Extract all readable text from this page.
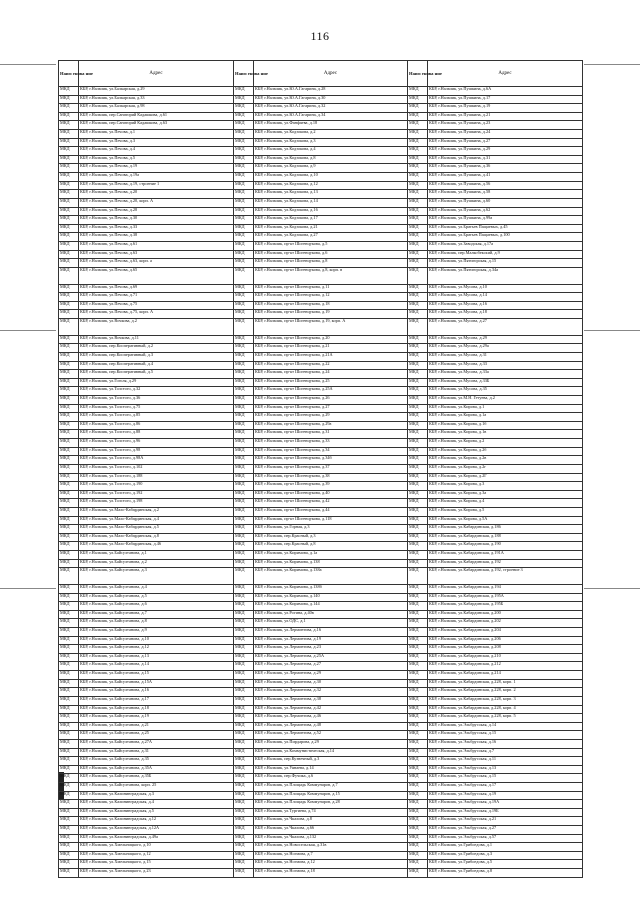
116
Наим енова ние	Адрес	Наим енова ние	Адрес	Наим енова ние	Адрес
МКД	КБР, г.Нальчик, ул.Балкарская, д.29	МКД	КБР, г.Нальчик, ул.Ю.А.Гагарина, д.28	МКД	КБР, г.Нальчик, ул.Пушкина, д.6А
МКД	КБР, г.Нальчик, ул.Балкарская, д.33	МКД	КБР, г.Нальчик, ул.Ю.А.Гагарина, д.30	МКД	КБР, г.Нальчик, ул.Пушкина, д.17
МКД	КБР, г.Нальчик, ул.Балкарская, д.98	МКД	КБР, г.Нальчик, ул.Ю.А.Гагарина, д.32	МКД	КБР, г.Нальчик, ул.Пушкина, д.19
МКД	КБР, г.Нальчик, пер.Санаторий Кадашкова, д.61	МКД	КБР, г.Нальчик, ул.Ю.А.Гагарина, д.34	МКД	КБР, г.Нальчик, ул.Пушкина, д.21
МКД	КБР, г.Нальчик, пер.Санаторий Кадашкова, д.63	МКД	КБР, г.Нальчик, ул.Фанфаева, д.18	МКД	КБР, г.Нальчик, ул.Пушкина, д.23
МКД	КБР, г.Нальчик, ул.Печова, д.1	МКД	КБР, г.Нальчик, ул.Кодзокова, д.2	МКД	КБР, г.Нальчик, ул.Пушкина, д.24
МКД	КБР, г.Нальчик, ул.Печова, д.3	МКД	КБР, г.Нальчик, ул.Кодзокова, д.3	МКД	КБР, г.Нальчик, ул.Пушкина, д.27
МКД	КБР, г.Нальчик, ул.Печова, д.4	МКД	КБР, г.Нальчик, ул.Кодзокова, д.4	МКД	КБР, г.Нальчик, ул.Пушкина, д.29
МКД	КБР, г.Нальчик, ул.Печова, д.5	МКД	КБР, г.Нальчик, ул.Кодзокова, д.8	МКД	КБР, г.Нальчик, ул.Пушкина, д.31
МКД	КБР, г.Нальчик, ул.Печова, д.19	МКД	КБР, г.Нальчик, ул.Кодзокова, д.9	МКД	КБР, г.Нальчик, ул.Пушкина, д.36
МКД	КБР, г.Нальчик, ул.Печова, д.19а	МКД	КБР, г.Нальчик, ул.Кодзокова, д.10	МКД	КБР, г.Нальчик, ул.Пушкина, д.41
МКД	КБР, г.Нальчик, ул.Печова, д.19, строение 1	МКД	КБР, г.Нальчик, ул.Кодзокова, д.12	МКД	КБР, г.Нальчик, ул.Пушкина, д.56
МКД	КБР, г.Нальчик, ул.Печова, д.20	МКД	КБР, г.Нальчик, ул.Кодзокова, д.13	МКД	КБР, г.Нальчик, ул.Пушкина, д.58
МКД	КБР, г.Нальчик, ул.Печова, д.20, корп. А	МКД	КБР, г.Нальчик, ул.Кодзокова, д.14	МКД	КБР, г.Нальчик, ул.Пушкина, д.60
МКД	КБР, г.Нальчик, ул.Печова, д.28	МКД	КБР, г.Нальчик, ул.Кодзокова, д.16	МКД	КБР, г.Нальчик, ул.Пушкина, д.62
МКД	КБР, г.Нальчик, ул.Печова, д.30	МКД	КБР, г.Нальчик, ул.Кодзокова, д.17	МКД	КБР, г.Нальчик, ул.Пушкина, д.99а
МКД	КБР, г.Нальчик, ул.Печова, д.33	МКД	КБР, г.Нальчик, ул.Кодзокова, д.21	МКД	КБР, г.Нальчик, ул.Братьев Пащаевых, д.45
МКД	КБР, г.Нальчик, ул.Печова, д.38	МКД	КБР, г.Нальчик, ул.Кодзокова, д.27	МКД	КБР, г.Нальчик, ул.Братьев Пащаевых, д.100
МКД	КБР, г.Нальчик, ул.Печова, д.61	МКД	КБР, г.Нальчик, пр-кт Шогенцукова, д.5	МКД	КБР, г.Нальчик, ул.Заводская, д.17а
МКД	КБР, г.Нальчик, ул.Печова, д.63	МКД	КБР, г.Нальчик, пр-кт Шогенцукова, д.6	МКД	КБР, г.Нальчик, пер.Малкобекский, д.9
МКД	КБР, г.Нальчик, ул.Печова, д.63, корп. а	МКД	КБР, г.Нальчик, пр-кт Шогенцукова, д.8	МКД	КБР, г.Нальчик, ул.Пятигорская, д.15
МКД	КБР, г.Нальчик, ул.Печова, д.65	МКД	КБР, г.Нальчик, пр-кт Шогенцукова, д.8, корп. в	МКД	КБР, г.Нальчик, ул.Пятигорская, д.34а
МКД	КБР, г.Нальчик, ул.Печова, д.69	МКД	КБР, г.Нальчик, пр-кт Шогенцукова, д.11	МКД	КБР, г.Нальчик, ул.Мусова, д.10
МКД	КБР, г.Нальчик, ул.Печова, д.71	МКД	КБР, г.Нальчик, пр-кт Шогенцукова, д.12	МКД	КБР, г.Нальчик, ул.Мусова, д.14
МКД	КБР, г.Нальчик, ул.Печова, д.75	МКД	КБР, г.Нальчик, пр-кт Шогенцукова, д.18	МКД	КБР, г.Нальчик, ул.Мусова, д.16
МКД	КБР, г.Нальчик, ул.Печова, д.75, корп. А	МКД	КБР, г.Нальчик, пр-кт Шогенцукова, д.19	МКД	КБР, г.Нальчик, ул.Мусова, д.18
МКД	КБР, г.Нальчик, ул.Вочкова, д.2	МКД	КБР, г.Нальчик, пр-кт Шогенцукова, д.19, корп. А	МКД	КБР, г.Нальчик, ул.Мусова, д.27
МКД	КБР, г.Нальчик, ул.Вочкова, д.11	МКД	КБР, г.Нальчик, пр-кт Шогенцукова, д.20	МКД	КБР, г.Нальчик, ул.Мусова, д.29
МКД	КБР, г.Нальчик, пер.Кооперативный, д.2	МКД	КБР, г.Нальчик, пр-кт Шогенцукова, д.21	МКД	КБР, г.Нальчик, ул.Мусова, д.29а
МКД	КБР, г.Нальчик, пер.Кооперативный, д.3	МКД	КБР, г.Нальчик, пр-кт Шогенцукова, д.21А	МКД	КБР, г.Нальчик, ул.Мусова, д.31
МКД	КБР, г.Нальчик, пер.Кооперативный, д.4	МКД	КБР, г.Нальчик, пр-кт Шогенцукова, д.22	МКД	КБР, г.Нальчик, ул.Мусова, д.33
МКД	КБР, г.Нальчик, пер.Кооперативный, д.5	МКД	КБР, г.Нальчик, пр-кт Шогенцукова, д.24	МКД	КБР, г.Нальчик, ул.Мусова, д.33а
МКД	КБР, г.Нальчик, ул.Гоголя, д.29	МКД	КБР, г.Нальчик, пр-кт Шогенцукова, д.25	МКД	КБР, г.Нальчик, ул.Мусова, д.33Б
МКД	КБР, г.Нальчик, ул.Толстого, д.32	МКД	КБР, г.Нальчик, пр-кт Шогенцукова, д.25А	МКД	КБР, г.Нальчик, ул.Мусова, д.35
МКД	КБР, г.Нальчик, ул.Толстого, д.36	МКД	КБР, г.Нальчик, пр-кт Шогенцукова, д.26	МКД	КБР, г.Нальчик, ул.М.Н. Гетуева, д.2
МКД	КБР, г.Нальчик, ул.Толстого, д.75	МКД	КБР, г.Нальчик, пр-кт Шогенцукова, д.27	МКД	КБР, г.Нальчик, ул.Кирова, д.1
МКД	КБР, г.Нальчик, ул.Толстого, д.85	МКД	КБР, г.Нальчик, пр-кт Шогенцукова, д.29	МКД	КБР, г.Нальчик, ул.Кирова, д.1а
МКД	КБР, г.Нальчик, ул.Толстого, д.86	МКД	КБР, г.Нальчик, пр-кт Шогенцукова, д.29а	МКД	КБР, г.Нальчик, ул.Кирова, д.1б
МКД	КБР, г.Нальчик, ул.Толстого, д.88	МКД	КБР, г.Нальчик, пр-кт Шогенцукова, д.31	МКД	КБР, г.Нальчик, ул.Кирова, д.1в
МКД	КБР, г.Нальчик, ул.Толстого, д.96	МКД	КБР, г.Нальчик, пр-кт Шогенцукова, д.33	МКД	КБР, г.Нальчик, ул.Кирова, д.2
МКД	КБР, г.Нальчик, ул.Толстого, д.98	МКД	КБР, г.Нальчик, пр-кт Шогенцукова, д.34	МКД	КБР, г.Нальчик, ул.Кирова, д.2б
МКД	КБР, г.Нальчик, ул.Толстого, д.98А	МКД	КБР, г.Нальчик, пр-кт Шогенцукова, д.34б	МКД	КБР, г.Нальчик, ул.Кирова, д.2в
МКД	КБР, г.Нальчик, ул.Толстого, д.102	МКД	КБР, г.Нальчик, пр-кт Шогенцукова, д.37	МКД	КБР, г.Нальчик, ул.Кирова, д.2г
МКД	КБР, г.Нальчик, ул.Толстого, д.188	МКД	КБР, г.Нальчик, пр-кт Шогенцукова, д.38	МКД	КБР, г.Нальчик, ул.Кирова, д.2Г
МКД	КБР, г.Нальчик, ул.Толстого, д.190	МКД	КБР, г.Нальчик, пр-кт Шогенцукова, д.39	МКД	КБР, г.Нальчик, ул.Кирова, д.3
МКД	КБР, г.Нальчик, ул.Толстого, д.192	МКД	КБР, г.Нальчик, пр-кт Шогенцукова, д.40	МКД	КБР, г.Нальчик, ул.Кирова, д.3а
МКД	КБР, г.Нальчик, ул.Толстого, д.198	МКД	КБР, г.Нальчик, пр-кт Шогенцукова, д.42	МКД	КБР, г.Нальчик, ул.Кирова, д.4
МКД	КБР, г.Нальчик, ул.Мало-Кабардинская, д.2	МКД	КБР, г.Нальчик, пр-кт Шогенцукова, д.44	МКД	КБР, г.Нальчик, ул.Кирова, д.5
МКД	КБР, г.Нальчик, ул.Мало-Кабардинская, д.4	МКД	КБР, г.Нальчик, пр-кт Шогенцукова, д.118	МКД	КБР, г.Нальчик, ул.Кирова, д.5А
МКД	КБР, г.Нальчик, ул.Мало-Кабардинская, д.5	МКД	КБР, г.Нальчик, ул.Горная, д.3	МКД	КБР, г.Нальчик, ул.Кабардинская, д.186
МКД	КБР, г.Нальчик, ул.Мало-Кабардинская, д.8	МКД	КБР, г.Нальчик, пер.Красный, д.3	МКД	КБР, г.Нальчик, ул.Кабардинская, д.188
МКД	КБР, г.Нальчик, ул.Мало-Кабардинская, д.46	МКД	КБР, г.Нальчик, пер.Красный, д.8	МКД	КБР, г.Нальчик, ул.Кабардинская, д.190
МКД	КБР, г.Нальчик, ул.Байсултанова, д.1	МКД	КБР, г.Нальчик, ул.Киримова, д.1а	МКД	КБР, г.Нальчик, ул.Кабардинская, д.191А
МКД	КБР, г.Нальчик, ул.Байсултанова, д.2	МКД	КБР, г.Нальчик, ул.Киримова, д.138	МКД	КБР, г.Нальчик, ул.Кабардинская, д.192
МКД	КБР, г.Нальчик, ул.Байсултанова, д.3	МКД	КБР, г.Нальчик, ул.Киримова, д.138а	МКД	КБР, г.Нальчик, ул.Кабардинская, д.192, строение 3
МКД	КБР, г.Нальчик, ул.Байсултанова, д.4	МКД	КБР, г.Нальчик, ул.Киримова, д.138б	МКД	КБР, г.Нальчик, ул.Кабардинская, д.194
МКД	КБР, г.Нальчик, ул.Байсултанова, д.5	МКД	КБР, г.Нальчик, ул.Киримова, д.140	МКД	КБР, г.Нальчик, ул.Кабардинская, д.195А
МКД	КБР, г.Нальчик, ул.Байсултанова, д.6	МКД	КБР, г.Нальчик, ул.Киримова, д.144	МКД	КБР, г.Нальчик, ул.Кабардинская, д.195Б
МКД	КБР, г.Нальчик, ул.Байсултанова, д.7	МКД	КБР, г.Нальчик, ул.Рогина, д.40в	МКД	КБР, г.Нальчик, ул.Кабардинская, д.200
МКД	КБР, г.Нальчик, ул.Байсултанова, д.8	МКД	КБР, г.Нальчик, ул.ОДС, д.1	МКД	КБР, г.Нальчик, ул.Кабардинская, д.202
МКД	КБР, г.Нальчик, ул.Байсултанова, д.9	МКД	КБР, г.Нальчик, ул.Лермонтова, д.16	МКД	КБР, г.Нальчик, ул.Кабардинская, д.204
МКД	КБР, г.Нальчик, ул.Байсултанова, д.10	МКД	КБР, г.Нальчик, ул.Лермонтова, д.19	МКД	КБР, г.Нальчик, ул.Кабардинская, д.206
МКД	КБР, г.Нальчик, ул.Байсултанова, д.12	МКД	КБР, г.Нальчик, ул.Лермонтова, д.23	МКД	КБР, г.Нальчик, ул.Кабардинская, д.208
МКД	КБР, г.Нальчик, ул.Байсултанова, д.13	МКД	КБР, г.Нальчик, ул.Лермонтова, д.25А	МКД	КБР, г.Нальчик, ул.Кабардинская, д.210
МКД	КБР, г.Нальчик, ул.Байсултанова, д.14	МКД	КБР, г.Нальчик, ул.Лермонтова, д.27	МКД	КБР, г.Нальчик, ул.Кабардинская, д.212
МКД	КБР, г.Нальчик, ул.Байсултанова, д.15	МКД	КБР, г.Нальчик, ул.Лермонтова, д.29	МКД	КБР, г.Нальчик, ул.Кабардинская, д.214
МКД	КБР, г.Нальчик, ул.Байсултанова, д.15А	МКД	КБР, г.Нальчик, ул.Лермонтова, д.30	МКД	КБР, г.Нальчик, ул.Кабардинская, д.228, корп. 1
МКД	КБР, г.Нальчик, ул.Байсултанова, д.16	МКД	КБР, г.Нальчик, ул.Лермонтова, д.32	МКД	КБР, г.Нальчик, ул.Кабардинская, д.228, корп. 2
МКД	КБР, г.Нальчик, ул.Байсултанова, д.17	МКД	КБР, г.Нальчик, ул.Лермонтова, д.38	МКД	КБР, г.Нальчик, ул.Кабардинская, д.228, корп. 3
МКД	КБР, г.Нальчик, ул.Байсултанова, д.18	МКД	КБР, г.Нальчик, ул.Лермонтова, д.42	МКД	КБР, г.Нальчик, ул.Кабардинская, д.228, корп. 4
МКД	КБР, г.Нальчик, ул.Байсултанова, д.19	МКД	КБР, г.Нальчик, ул.Лермонтова, д.46	МКД	КБР, г.Нальчик, ул.Кабардинская, д.228, корп. 5
МКД	КБР, г.Нальчик, ул.Байсултанова, д.21	МКД	КБР, г.Нальчик, ул.Лермонтова, д.48	МКД	КБР, г.Нальчик, ул.Эльбрусская, д.14
МКД	КБР, г.Нальчик, ул.Байсултанова, д.25	МКД	КБР, г.Нальчик, ул.Лермонтова, д.52	МКД	КБР, г.Нальчик, ул.Эльбрусская, д.15
МКД	КБР, г.Нальчик, ул.Байсултанова, д.27А	МКД	КБР, г.Нальчик, ул.Пирдарова, д.29	МКД	КБР, г.Нальчик, ул.Эльбрусская, д.16
МКД	КБР, г.Нальчик, ул.Байсултанова, д.31	МКД	КБР, г.Нальчик, ул.Коммунистическая, д.14	МКД	КБР, г.Нальчик, ул.Эльбрусская, д.7
МКД	КБР, г.Нальчик, ул.Байсултанова, д.35	МКД	КБР, г.Нальчик, пер.Кузнечный, д.3	МКД	КБР, г.Нальчик, ул.Эльбрусская, д.11
МКД	КБР, г.Нальчик, ул.Байсултанова, д.35А	МКД	КБР, г.Нальчик, ул.Уянаева, д.14	МКД	КБР, г.Нальчик, ул.Эльбрусская, д.13
МКД	КБР, г.Нальчик, ул.Байсултанова, д.35Б	МКД	КБР, г.Нальчик, пер.Фучика, д.6	МКД	КБР, г.Нальчик, ул.Эльбрусская, д.15
МКД	КБР, г.Нальчик, ул.Байсултанова, корп. 25	МКД	КБР, г.Нальчик, ул.Площадь Коммунаров, д.7	МКД	КБР, г.Нальчик, ул.Эльбрусская, д.17
МКД	КБР, г.Нальчик, ул.Калининградская, д.3	МКД	КБР, г.Нальчик, ул.Площадь Коммунаров, д.15	МКД	КБР, г.Нальчик, ул.Эльбрусская, д.19
МКД	КБР, г.Нальчик, ул.Калининградская, д.4	МКД	КБР, г.Нальчик, ул.Площадь Коммунаров, д.28	МКД	КБР, г.Нальчик, ул.Эльбрусская, д.19А
МКД	КБР, г.Нальчик, ул.Калининградская, д.5	МКД	КБР, г.Нальчик, ул.Тургиева, д.74	МКД	КБР, г.Нальчик, ул.Эльбрусская, д.19Б
МКД	КБР, г.Нальчик, ул.Калининградская, д.12	МКД	КБР, г.Нальчик, ул.Чкалова, д.8	МКД	КБР, г.Нальчик, ул.Эльбрусская, д.21
МКД	КБР, г.Нальчик, ул.Калининградская, д.12А	МКД	КБР, г.Нальчик, ул.Чкалова, д.66	МКД	КБР, г.Нальчик, ул.Эльбрусская, д.27
МКД	КБР, г.Нальчик, ул.Калининградская, д.49а	МКД	КБР, г.Нальчик, ул.Чкалова, д.132	МКД	КБР, г.Нальчик, ул.Эльбрусская, д.57
МКД	КБР, г.Нальчик, ул.Хмельницкого, д.10	МКД	КБР, г.Нальчик, ул.Новосельская, д.31в	МКД	КБР, г.Нальчик, ул.Грибоедова, д.1
МКД	КБР, г.Нальчик, ул.Хмельницкого, д.12	МКД	КБР, г.Нальчик, ул.Ногмова, д.7	МКД	КБР, г.Нальчик, ул.Грибоедова, д.3
МКД	КБР, г.Нальчик, ул.Хмельницкого, д.15	МКД	КБР, г.Нальчик, ул.Ногмова, д.12	МКД	КБР, г.Нальчик, ул.Грибоедова, д.5
МКД	КБР, г.Нальчик, ул.Хмельницкого, д.23	МКД	КБР, г.Нальчик, ул.Ногмова, д.18	МКД	КБР, г.Нальчик, ул.Грибоедова, д.8
